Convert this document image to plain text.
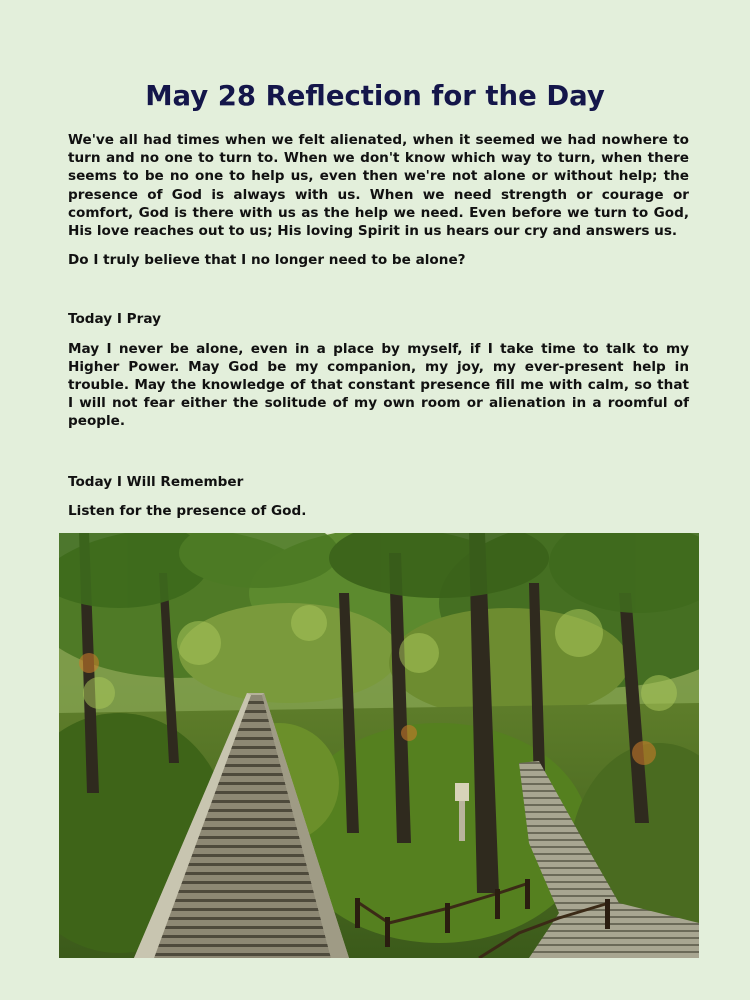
May 28 Reflection for the Day

We've all had times when we felt alienated, when it seemed we had nowhere to turn and no one to turn to. When we don't know which way to turn, when there seems to be no one to help us, even then we're not alone or without help; the presence of God is always with us. When we need strength or courage or comfort, God is there with us as the help we need. Even before we turn to God, His love reaches out to us; His loving Spirit in us hears our cry and answers us.

Do I truly believe that I no longer need to be alone?

Today I Pray

May I never be alone, even in a place by myself, if I take time to talk to my Higher Power. May God be my companion, my joy, my ever-present help in trouble. May the knowledge of that constant presence fill me with calm, so that I will not fear either the solitude of my own room or alienation in a roomful of people.

Today I Will Remember

Listen for the presence of God.
